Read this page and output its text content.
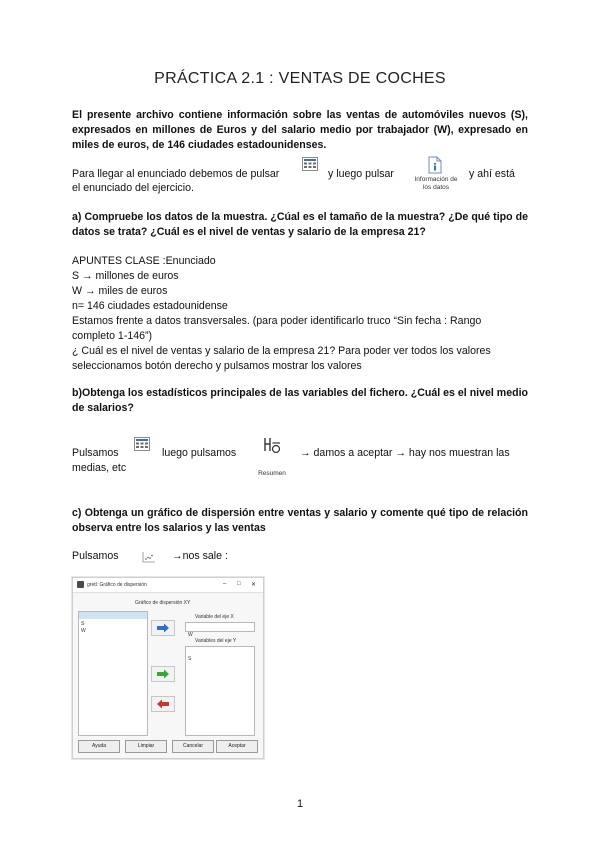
PRÁCTICA 2.1 : VENTAS DE COCHES
El presente archivo contiene información sobre las ventas de automóviles nuevos (S), expresados en millones de Euros y del salario medio por trabajador (W), expresado en miles de euros, de 146 ciudades estadounidenses.
Para llegar al enunciado debemos de pulsar	y luego pulsar	Información de los datos
y ahí está
el enunciado del ejercicio.
a) Compruebe los datos de la muestra. ¿Cúal es el tamaño de la muestra? ¿De qué tipo de datos se trata? ¿Cuál es el nivel de ventas y salario de la empresa 21?
APUNTES CLASE :Enunciado
S → millones de euros
W → miles de euros
n= 146 ciudades estadounidense
Estamos frente a datos transversales. (para poder identificarlo truco “Sin fecha : Rango
completo 1-146”)
¿ Cuál es el nivel de ventas y salario de la empresa 21? Para poder ver todos los valores
seleccionamos botón derecho y pulsamos mostrar los valores
b)Obtenga los estadísticos principales de las variables del fichero. ¿Cuál es el nivel medio de salarios?
Pulsamos	luego pulsamos
Resumen
→ damos a aceptar → hay nos muestran las
medias, etc
c) Obtenga un gráfico de dispersión entre ventas y salario y comente qué tipo de relación observa entre los salarios y las ventas
Pulsamos	→nos sale :
gretl: Gráfico de dispersión	– □ ✕
Gráfico de dispersión XY
S
W
Variable del eje X
W
Variables del eje Y
S
Ayuda	Limpiar	Cancelar	Aceptar
1
